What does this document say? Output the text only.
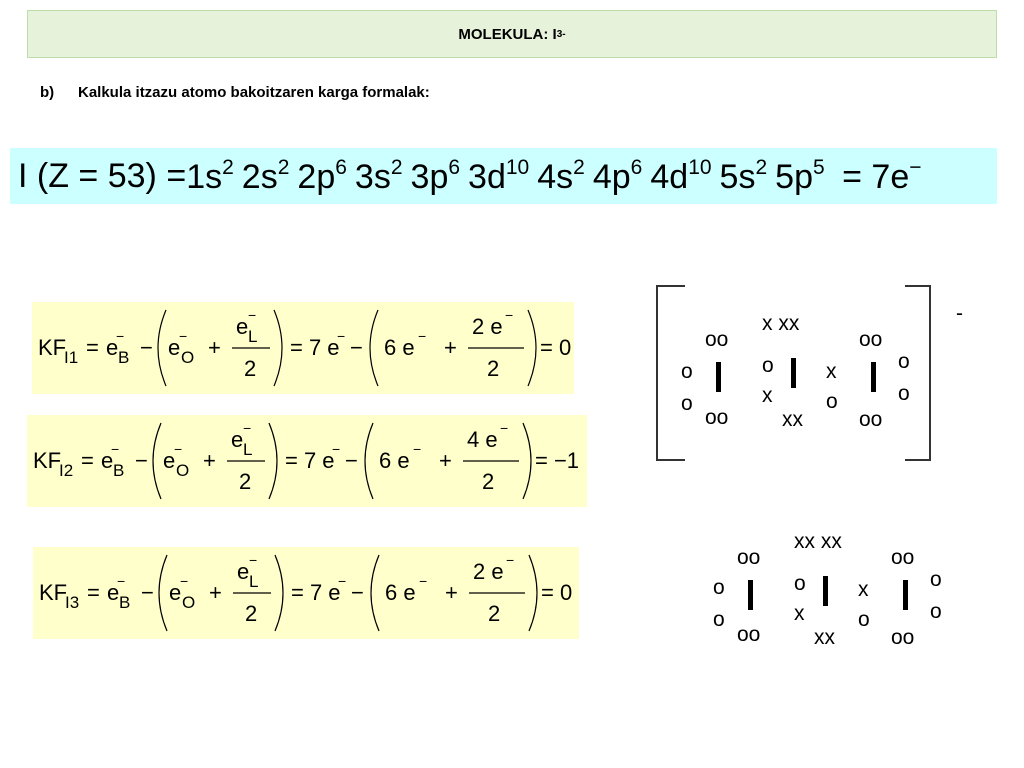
MOLEKULA: I 3 -
b) Kalkula itzazu atomo bakoitzaren karga formalak:
I $(Z = 53) = 1s^2$ $2s^2$ $2p^6$ $3s^2$ $3p^6$ $3d^{10}$ $4s^2$ $4p^6$ $4d^{10}$ $5s^2$ $5p^5 = 7e^-$
KF
I1 = e
−
B − e
−
O +
e −
L
2
= 7 e
− − 6 e − +
2 e −
2
= 0
KF
I2 = e
−
B − e
−
O +
e −
L
2
= 7 e
− − 6 e − +
4 e −
2
= −1
KF
I3 = e
−
B − e
−
O +
e −
L
2
= 7 e
− − 6 e − +
2 e −
2
= 0
-
oo
o
o
oo
x xx
o
x
xx
x
o
oo
o
o
oo
oo
o
o
oo
xx xx
o
x
xx
x
o
oo
o
o
oo
